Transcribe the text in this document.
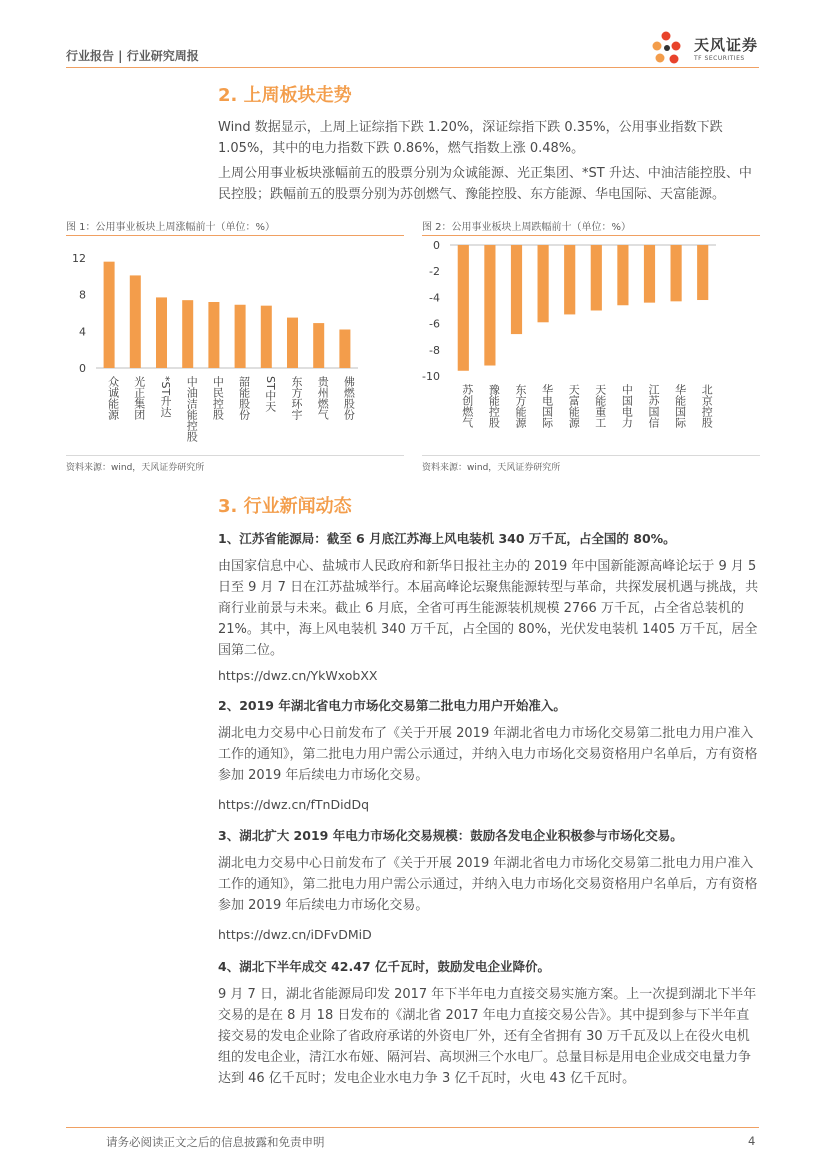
行业报告 | 行业研究周报
天风证券
TF SECURITIES
2. 上周板块走势
Wind 数据显示，上周上证综指下跌 1.20%，深证综指下跌 0.35%，公用事业指数下跌 1.05%，其中的电力指数下跌 0.86%，燃气指数上涨 0.48%。
上周公用事业板块涨幅前五的股票分别为众诚能源、光正集团、*ST 升达、中油洁能控股、中民控股；跌幅前五的股票分别为苏创燃气、豫能控股、东方能源、华电国际、天富能源。
图 1：公用事业板块上周涨幅前十（单位：%）
12
8
4
0
众诚能源 光正集团 *ST升达 中油洁能控股 中民控股 韶能股份 ST中天 东方环宇 贵州燃气 佛燃股份
资料来源：wind，天风证券研究所
图 2：公用事业板块上周跌幅前十（单位：%）
0
-2
-4
-6
-8
-10
苏创燃气 豫能控股 东方能源 华电国际 天富能源 天能重工 中国电力 江苏国信 华能国际 北京控股
资料来源：wind，天风证券研究所
3. 行业新闻动态
1、江苏省能源局：截至 6 月底江苏海上风电装机 340 万千瓦，占全国的 80%。
由国家信息中心、盐城市人民政府和新华日报社主办的 2019 年中国新能源高峰论坛于 9 月 5 日至 9 月 7 日在江苏盐城举行。本届高峰论坛聚焦能源转型与革命，共探发展机遇与挑战，共商行业前景与未来。截止 6 月底，全省可再生能源装机规模 2766 万千瓦，占全省总装机的 21%。其中，海上风电装机 340 万千瓦，占全国的 80%，光伏发电装机 1405 万千瓦，居全国第二位。
https://dwz.cn/YkWxobXX
2、2019 年湖北省电力市场化交易第二批电力用户开始准入。
湖北电力交易中心日前发布了《关于开展 2019 年湖北省电力市场化交易第二批电力用户准入工作的通知》，第二批电力用户需公示通过，并纳入电力市场化交易资格用户名单后，方有资格参加 2019 年后续电力市场化交易。
https://dwz.cn/fTnDidDq
3、湖北扩大 2019 年电力市场化交易规模：鼓励各发电企业积极参与市场化交易。
湖北电力交易中心日前发布了《关于开展 2019 年湖北省电力市场化交易第二批电力用户准入工作的通知》，第二批电力用户需公示通过，并纳入电力市场化交易资格用户名单后，方有资格参加 2019 年后续电力市场化交易。
https://dwz.cn/iDFvDMiD
4、湖北下半年成交 42.47 亿千瓦时，鼓励发电企业降价。
9 月 7 日，湖北省能源局印发 2017 年下半年电力直接交易实施方案。上一次提到湖北下半年交易的是在 8 月 18 日发布的《湖北省 2017 年电力直接交易公告》。其中提到参与下半年直接交易的发电企业除了省政府承诺的外资电厂外，还有全省拥有 30 万千瓦及以上在役火电机组的发电企业，清江水布娅、隔河岩、高坝洲三个水电厂。总量目标是用电企业成交电量力争达到 46 亿千瓦时；发电企业水电力争 3 亿千瓦时，火电 43 亿千瓦时。
请务必阅读正文之后的信息披露和免责申明	4
